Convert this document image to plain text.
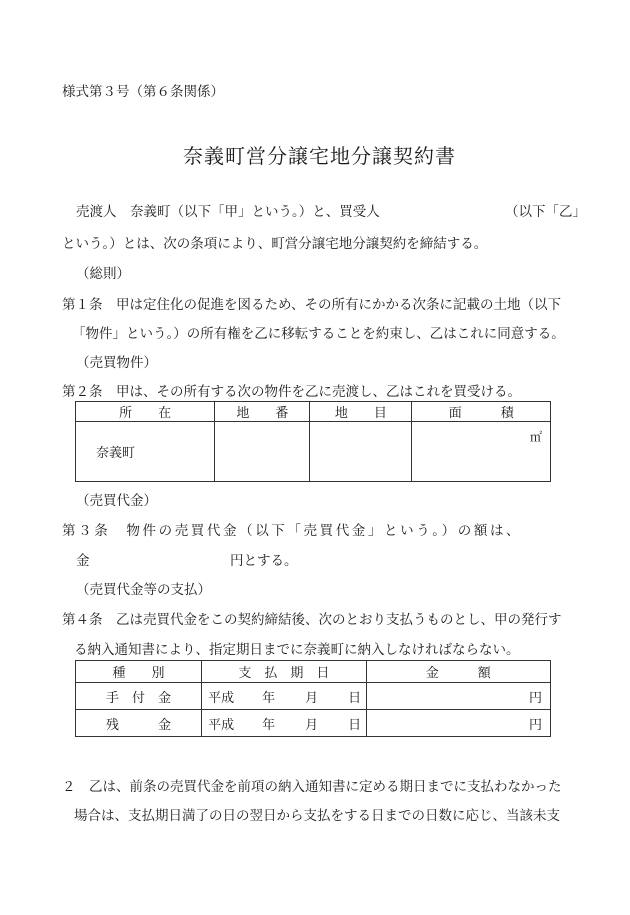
様式第３号（第６条関係）
奈義町営分譲宅地分譲契約書
売渡人　奈義町（以下「甲」という。）と、買受人	（以下「乙」
という。）とは、次の条項により、町営分譲宅地分譲契約を締結する。
（総則）
第１条　甲は定住化の促進を図るため、その所有にかかる次条に記載の土地（以下
「物件」という。）の所有権を乙に移転することを約束し、乙はこれに同意する。
（売買物件）
第２条　甲は、その所有する次の物件を乙に売渡し、乙はこれを買受ける。
所　　在	地　　番	地　　目	面　　　積
奈義町			㎡
（売買代金）
第３条　物件の売買代金（以下「売買代金」という。）の額は、
金	円とする。
（売買代金等の支払）
第４条　乙は売買代金をこの契約締結後、次のとおり支払うものとし、甲の発行す
る納入通知書により、指定期日までに奈義町に納入しなければならない。
種　　別	支　払　期　日	金　　　額
手　付　金	平成 年 月 日	円
残　　　金	平成 年 月 日	円
２　乙は、前条の売買代金を前項の納入通知書に定める期日までに支払わなかった
場合は、支払期日満了の日の翌日から支払をする日までの日数に応じ、当該未支
